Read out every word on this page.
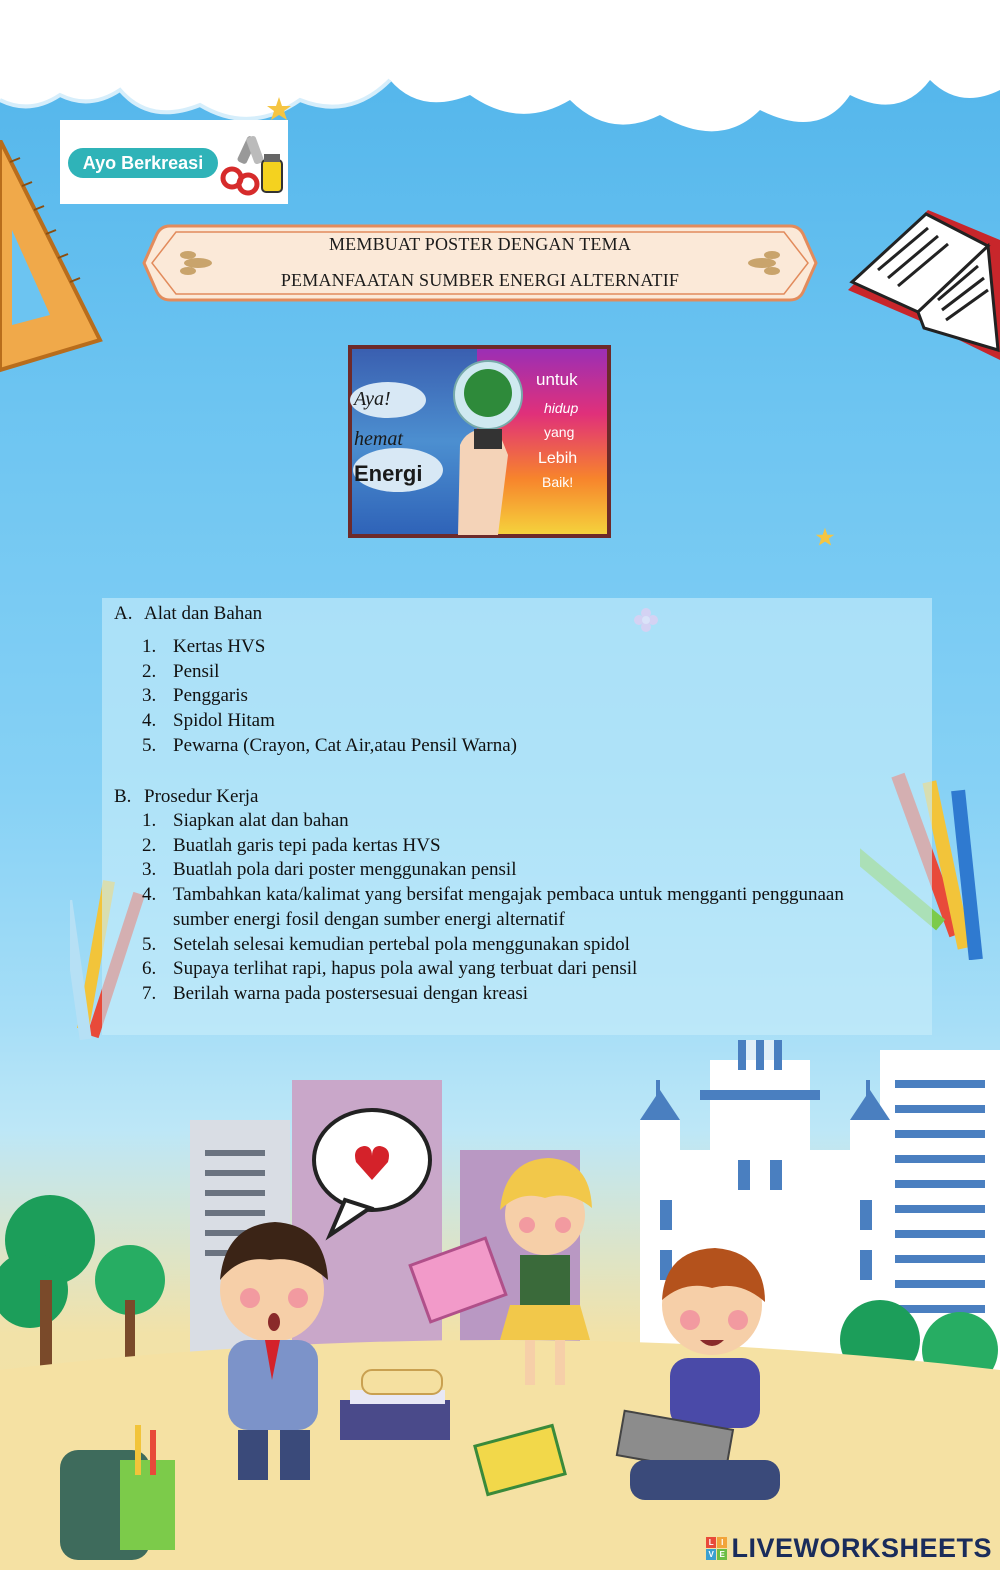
Ayo Berkreasi
MEMBUAT POSTER DENGAN TEMA
PEMANFAATAN SUMBER ENERGI ALTERNATIF
Aya!
hemat
Energi
untuk
hidup
yang
Lebih
Baik!
A. Alat dan Bahan
1. Kertas HVS
2. Pensil
3. Penggaris
4. Spidol Hitam
5. Pewarna (Crayon, Cat Air,atau Pensil Warna)
B. Prosedur Kerja
1. Siapkan alat dan bahan
2. Buatlah garis tepi pada kertas HVS
3. Buatlah pola dari poster menggunakan pensil
4. Tambahkan kata/kalimat yang bersifat mengajak pembaca untuk mengganti penggunaan sumber energi fosil dengan sumber energi alternatif
5. Setelah selesai kemudian pertebal pola menggunakan spidol
6. Supaya terlihat rapi, hapus pola awal yang terbuat dari pensil
7. Berilah warna pada postersesuai dengan kreasi
L I
V E LIVEWORKSHEETS
